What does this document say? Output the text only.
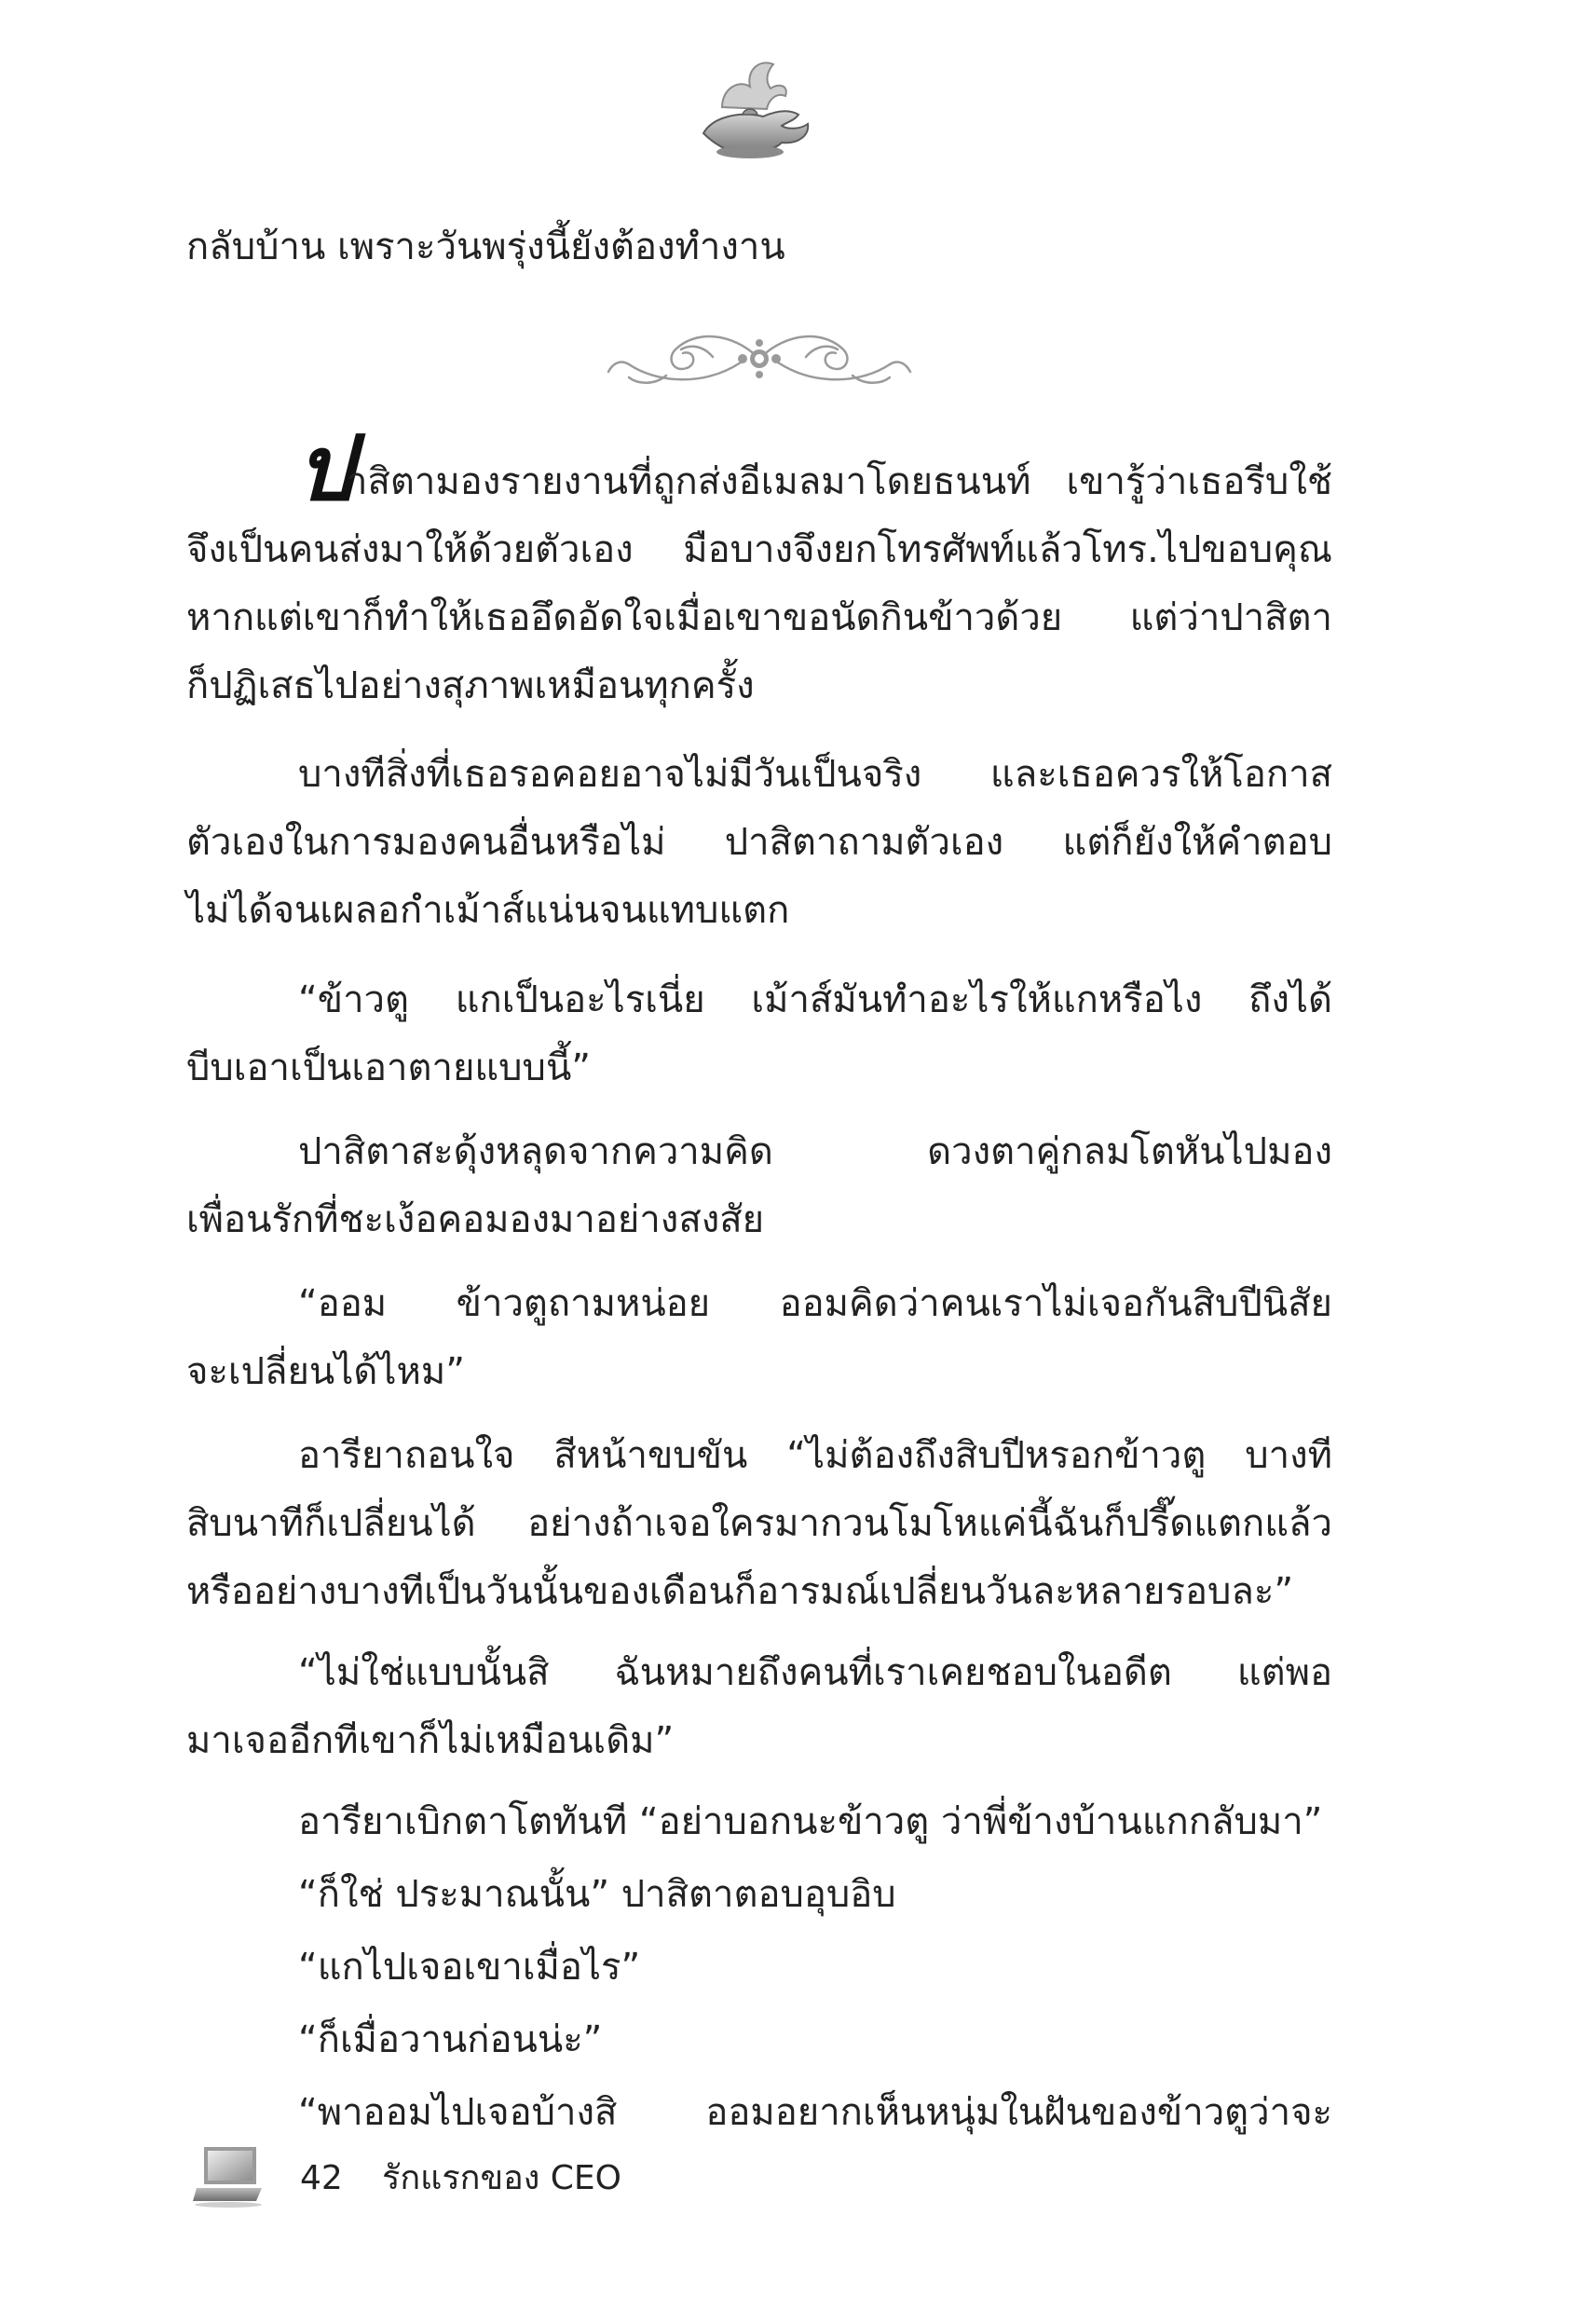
กลับบ้าน เพราะวันพรุ่งนี้ยังต้องทำงาน
ป
าสิตามองรายงานที่ถูกส่งอีเมลมาโดยธนนท์ เขารู้ว่าเธอรีบใช้
จึงเป็นคนส่งมาให้ด้วยตัวเอง มือบางจึงยกโทรศัพท์แล้วโทร.ไปขอบคุณ
หากแต่เขาก็ทำให้เธออึดอัดใจเมื่อเขาขอนัดกินข้าวด้วย แต่ว่าปาสิตา
ก็ปฏิเสธไปอย่างสุภาพเหมือนทุกครั้ง
บางทีสิ่งที่เธอรอคอยอาจไม่มีวันเป็นจริง และเธอควรให้โอกาส
ตัวเองในการมองคนอื่นหรือไม่ ปาสิตาถามตัวเอง แต่ก็ยังให้คำตอบ
ไม่ได้จนเผลอกำเม้าส์แน่นจนแทบแตก
“ข้าวตู แกเป็นอะไรเนี่ย เม้าส์มันทำอะไรให้แกหรือไง ถึงได้
บีบเอาเป็นเอาตายแบบนี้”
ปาสิตาสะดุ้งหลุดจากความคิด ดวงตาคู่กลมโตหันไปมอง
เพื่อนรักที่ชะเง้อคอมองมาอย่างสงสัย
“ออม ข้าวตูถามหน่อย ออมคิดว่าคนเราไม่เจอกันสิบปีนิสัย
จะเปลี่ยนได้ไหม”
อารียาถอนใจ สีหน้าขบขัน “ไม่ต้องถึงสิบปีหรอกข้าวตู บางที
สิบนาทีก็เปลี่ยนได้ อย่างถ้าเจอใครมากวนโมโหแค่นี้ฉันก็ปรี๊ดแตกแล้ว
หรืออย่างบางทีเป็นวันนั้นของเดือนก็อารมณ์เปลี่ยนวันละหลายรอบละ”
“ไม่ใช่แบบนั้นสิ ฉันหมายถึงคนที่เราเคยชอบในอดีต แต่พอ
มาเจออีกทีเขาก็ไม่เหมือนเดิม”
อารียาเบิกตาโตทันที “อย่าบอกนะข้าวตู ว่าพี่ข้างบ้านแกกลับมา”
“ก็ใช่ ประมาณนั้น” ปาสิตาตอบอุบอิบ
“แกไปเจอเขาเมื่อไร”
“ก็เมื่อวานก่อนน่ะ”
“พาออมไปเจอบ้างสิ ออมอยากเห็นหนุ่มในฝันของข้าวตูว่าจะ
42 รักแรกของ CEO
